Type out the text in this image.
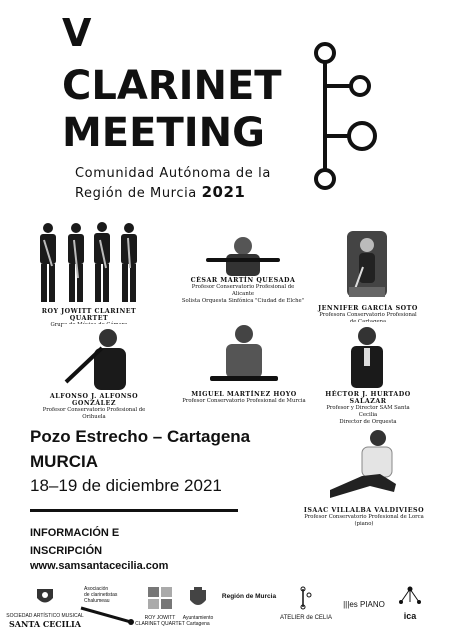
V
CLARINET
MEETING
Comunidad Autónoma de la
Región de Murcia 2021
ROY JOWITT CLARINET QUARTET
Grupo de Música de Cámara
CÉSAR MARTÍN QUESADA
Profesor Conservatorio Profesional de Alicante
Solista Orquesta Sinfónica "Ciudad de Elche"
JENNIFER GARCÍA SOTO
Profesora Conservatorio Profesional de Cartagena
ALFONSO J. ALFONSO GONZÁLEZ
Profesor Conservatorio Profesional de Orihuela
MIGUEL MARTÍNEZ HOYO
Profesor Conservatorio Profesional de Murcia
HÉCTOR J. HURTADO SALAZAR
Profesor y Director SAM Santa Cecilia
Director de Orquesta
ISAAC VILLALBA VALDIVIESO
Profesor Conservatorio Profesional de Lorca (piano)
Pozo Estrecho – Cartagena
MURCIA
18–19 de diciembre 2021
INFORMACIÓN E
INSCRIPCIÓN
www.samsantacecilia.com
SOCIEDAD ARTÍSTICO MUSICAL
SANTA CECILIA
Asociación
de clarinetistas
Chalumeau
ROY JOWITT
CLARINET QUARTET
Ayuntamiento
Cartagena
Región de Murcia
ATELIER de CELIA
|||es PIANO
ica
